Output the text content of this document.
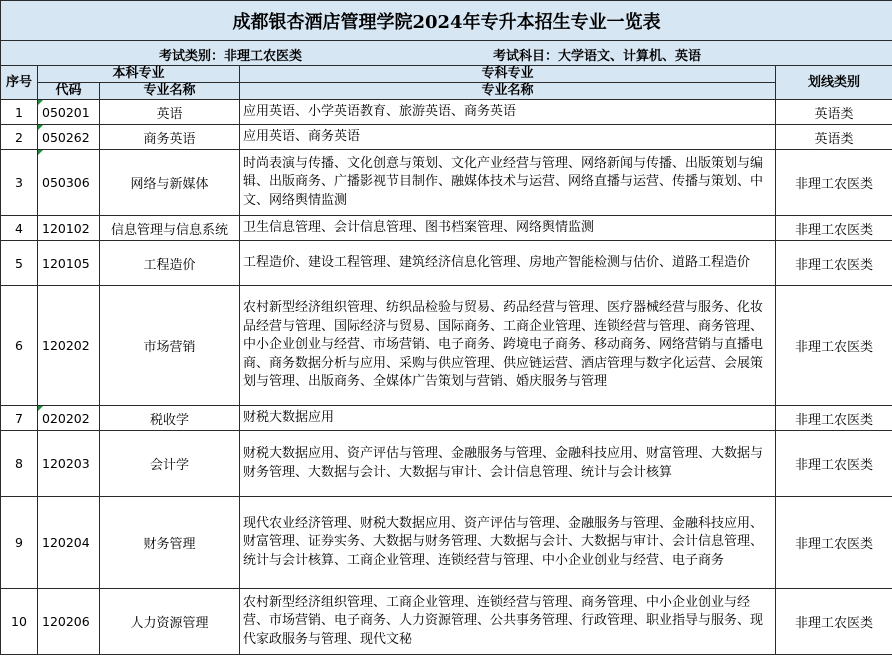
成都银杏酒店管理学院2024年专升本招生专业一览表				

考试类别：非理工农医类 考试科目：大学语文、计算机、英语				

序号	本科专业		专科专业	划线类别
	代码	专业名称	专业名称	
1	050201	英语	应用英语、小学英语教育、旅游英语、商务英语	英语类
2	050262	商务英语	应用英语、商务英语	英语类
3	050306	网络与新媒体	时尚表演与传播、文化创意与策划、文化产业经营与管理、网络新闻与传播、出版策划与编辑、出版商务、广播影视节目制作、融媒体技术与运营、网络直播与运营、传播与策划、中文、网络舆情监测	非理工农医类
4	120102	信息管理与信息系统	卫生信息管理、会计信息管理、图书档案管理、网络舆情监测	非理工农医类
5	120105	工程造价	工程造价、建设工程管理、建筑经济信息化管理、房地产智能检测与估价、道路工程造价	非理工农医类
6	120202	市场营销	农村新型经济组织管理、纺织品检验与贸易、药品经营与管理、医疗器械经营与服务、化妆品经营与管理、国际经济与贸易、国际商务、工商企业管理、连锁经营与管理、商务管理、中小企业创业与经营、市场营销、电子商务、跨境电子商务、移动商务、网络营销与直播电商、商务数据分析与应用、采购与供应管理、供应链运营、酒店管理与数字化运营、会展策划与管理、出版商务、全媒体广告策划与营销、婚庆服务与管理	非理工农医类
7	020202	税收学	财税大数据应用	非理工农医类
8	120203	会计学	财税大数据应用、资产评估与管理、金融服务与管理、金融科技应用、财富管理、大数据与财务管理、大数据与会计、大数据与审计、会计信息管理、统计与会计核算	非理工农医类
9	120204	财务管理	现代农业经济管理、财税大数据应用、资产评估与管理、金融服务与管理、金融科技应用、财富管理、证券实务、大数据与财务管理、大数据与会计、大数据与审计、会计信息管理、统计与会计核算、工商企业管理、连锁经营与管理、中小企业创业与经营、电子商务	非理工农医类
10	120206	人力资源管理	农村新型经济组织管理、工商企业管理、连锁经营与管理、商务管理、中小企业创业与经营、市场营销、电子商务、人力资源管理、公共事务管理、行政管理、职业指导与服务、现代家政服务与管理、现代文秘	非理工农医类
